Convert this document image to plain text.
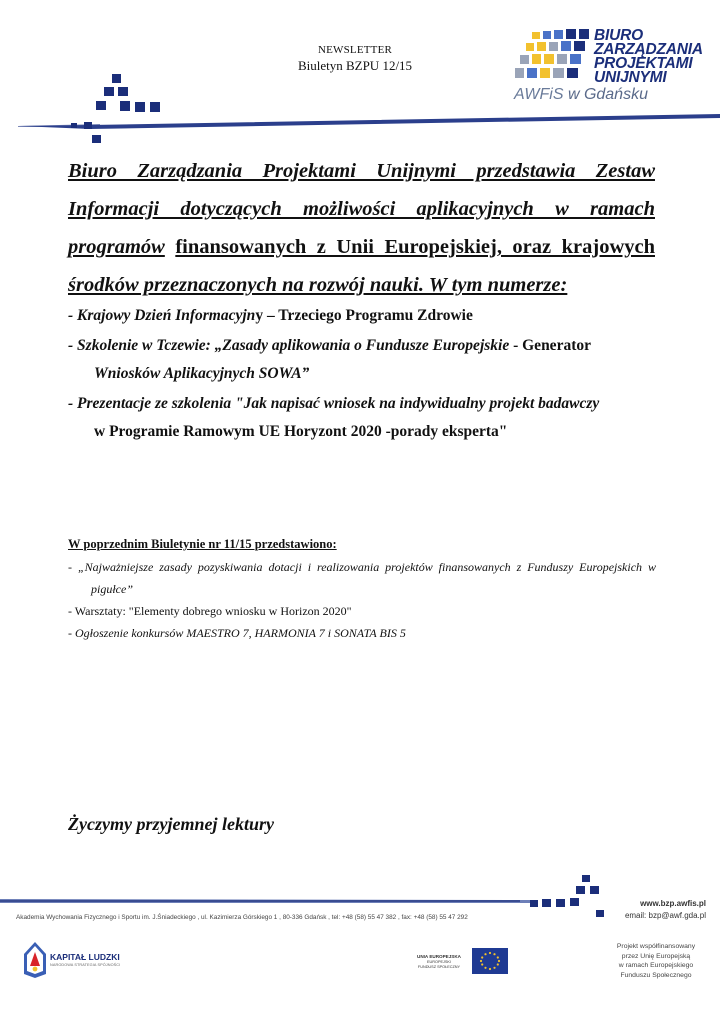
NEWSLETTER
Biuletyn BZPU 12/15
BIURO
ZARZĄDZANIA
PROJEKTAMI
UNIJNYMI
AWFiS w Gdańsku

Biuro Zarządzania Projektami Unijnymi przedstawia Zestaw Informacji dotyczących możliwości aplikacyjnych w ramach programów finansowanych z Unii Europejskiej, oraz krajowych środków przeznaczonych na rozwój nauki. W tym numerze:

- Krajowy Dzień Informacyjny – Trzeciego Programu Zdrowie
- Szkolenie w Tczewie: „Zasady aplikowania o Fundusze Europejskie - Generator
Wniosków Aplikacyjnych SOWA”
- Prezentacje ze szkolenia "Jak napisać wniosek na indywidualny projekt badawczy
w Programie Ramowym UE Horyzont 2020 -porady eksperta"
W poprzednim Biuletynie nr 11/15 przedstawiono:
- „Najważniejsze zasady pozyskiwania dotacji i realizowania projektów finansowanych z Funduszy Europejskich w pigułce”
- Warsztaty: "Elementy dobrego wniosku w Horizon 2020"
- Ogłoszenie konkursów MAESTRO 7, HARMONIA 7 i SONATA BIS 5
Życzymy przyjemnej lektury
Akademia Wychowania Fizycznego i Sportu im. J.Śniadeckiego , ul. Kazimierza Górskiego 1 , 80-336 Gdańsk , tel: +48 (58) 55 47 382 , fax: +48 (58) 55 47 292
www.bzp.awfis.pl
email: bzp@awf.gda.pl
Projekt współfinansowany
przez Unię Europejską
w ramach Europejskiego
Funduszu Społecznego
KAPITAŁ LUDZKI
NARODOWA STRATEGIA SPÓJNOŚCI
UNIA EUROPEJSKA
EUROPEJSKI
FUNDUSZ SPOŁECZNY
